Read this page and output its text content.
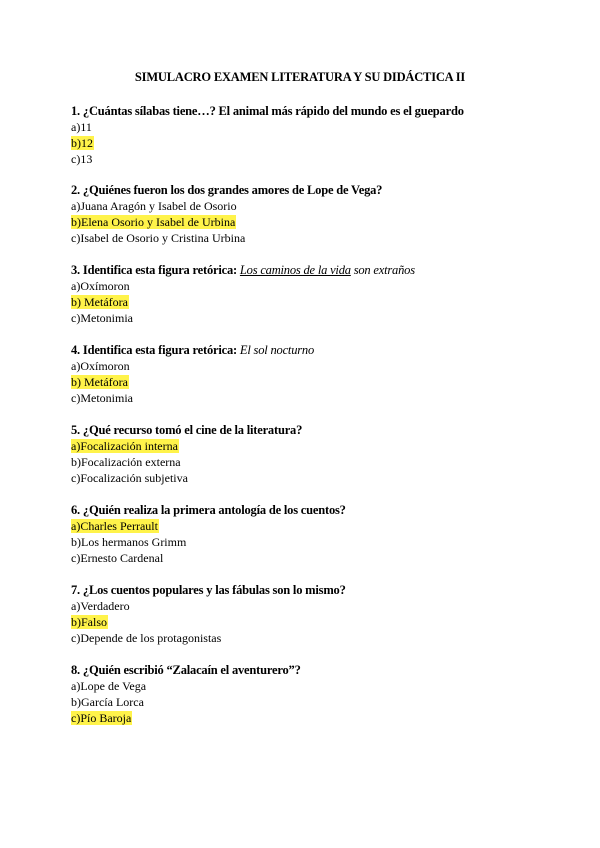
SIMULACRO EXAMEN LITERATURA Y SU DIDÁCTICA II
1. ¿Cuántas sílabas tiene…? El animal más rápido del mundo es el guepardo
a)11
b)12
c)13
2. ¿Quiénes fueron los dos grandes amores de Lope de Vega?
a)Juana Aragón y Isabel de Osorio
b)Elena Osorio y Isabel de Urbina
c)Isabel de Osorio y Cristina Urbina
3. Identifica esta figura retórica: Los caminos de la vida son extraños
a)Oxímoron
b) Metáfora
c)Metonimia
4. Identifica esta figura retórica: El sol nocturno
a)Oxímoron
b) Metáfora
c)Metonimia
5. ¿Qué recurso tomó el cine de la literatura?
a)Focalización interna
b)Focalización externa
c)Focalización subjetiva
6. ¿Quién realiza la primera antología de los cuentos?
a)Charles Perrault
b)Los hermanos Grimm
c)Ernesto Cardenal
7. ¿Los cuentos populares y las fábulas son lo mismo?
a)Verdadero
b)Falso
c)Depende de los protagonistas
8. ¿Quién escribió “Zalacaín el aventurero”?
a)Lope de Vega
b)García Lorca
c)Pío Baroja
